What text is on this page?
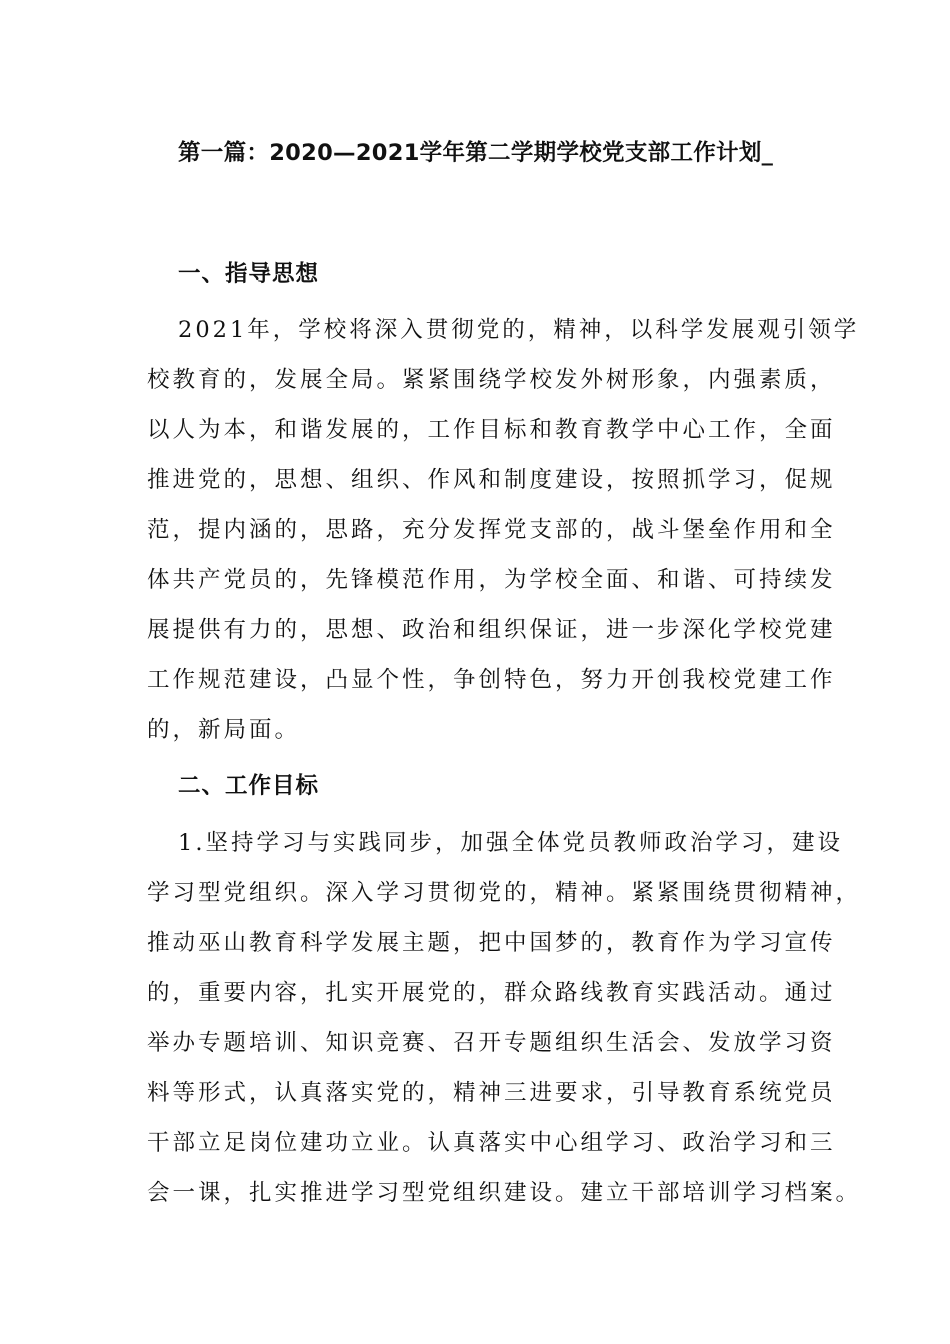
第一篇：2020—2021学年第二学期学校党支部工作计划_
一、指导思想

2021年，学校将深入贯彻党的，精神，以科学发展观引领学
校教育的，发展全局。紧紧围绕学校发外树形象，内强素质，
以人为本，和谐发展的，工作目标和教育教学中心工作，全面
推进党的，思想、组织、作风和制度建设，按照抓学习，促规
范，提内涵的，思路，充分发挥党支部的，战斗堡垒作用和全
体共产党员的，先锋模范作用，为学校全面、和谐、可持续发
展提供有力的，思想、政治和组织保证，进一步深化学校党建
工作规范建设，凸显个性，争创特色，努力开创我校党建工作
的，新局面。

二、工作目标

1.坚持学习与实践同步，加强全体党员教师政治学习，建设
学习型党组织。深入学习贯彻党的，精神。紧紧围绕贯彻精神，
推动巫山教育科学发展主题，把中国梦的，教育作为学习宣传
的，重要内容，扎实开展党的，群众路线教育实践活动。通过
举办专题培训、知识竞赛、召开专题组织生活会、发放学习资
料等形式，认真落实党的，精神三进要求，引导教育系统党员
干部立足岗位建功立业。认真落实中心组学习、政治学习和三
会一课，扎实推进学习型党组织建设。建立干部培训学习档案。
